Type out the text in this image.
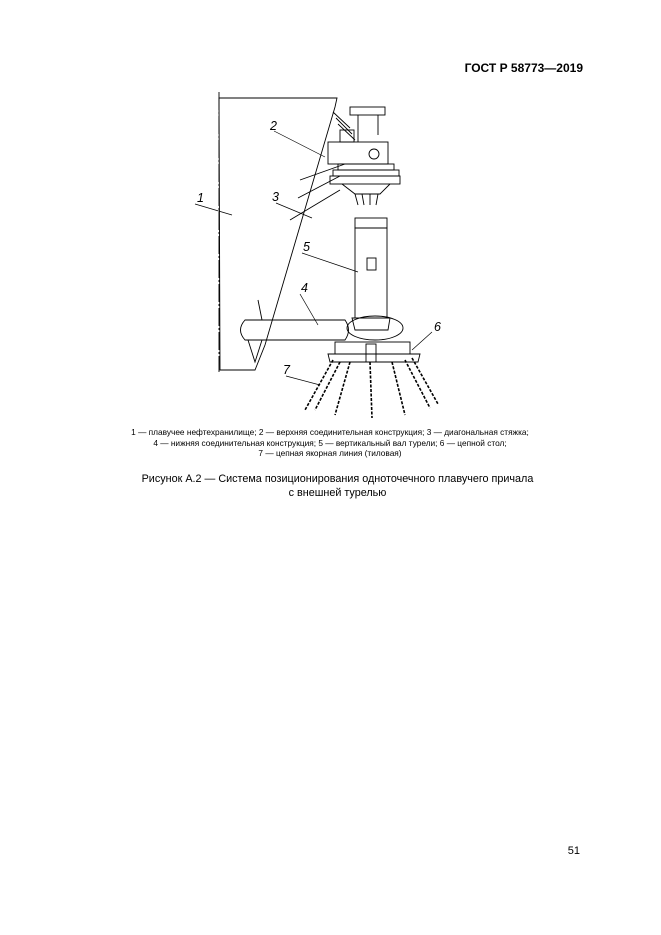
ГОСТ Р 58773—2019
1
2
3
4
5
6
7
1 — плавучее нефтехранилище; 2 — верхняя соединительная конструкция; 3 — диагональная стяжка;
4 — нижняя соединительная конструкция; 5 — вертикальный вал турели; 6 — цепной стол;
7 — цепная якорная линия (тиловая)
Рисунок А.2 — Система позиционирования одноточечного плавучего причала
с внешней турелью
51
